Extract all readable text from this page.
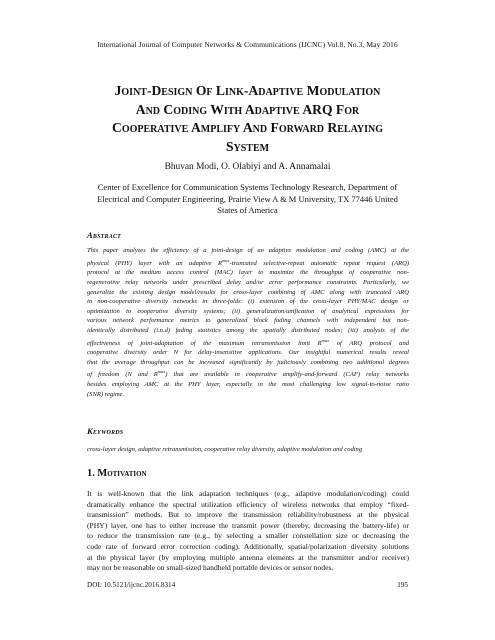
International Journal of Computer Networks & Communications (IJCNC) Vol.8, No.3, May 2016
Joint-Design Of Link-Adaptive Modulation
And Coding With Adaptive ARQ For
Cooperative Amplify And Forward Relaying
System
Bhuvan Modi, O. Olabiyi and A. Annamalai
Center of Excellence for Communication Systems Technology Research, Department of
Electrical and Computer Engineering, Prairie View A & M University, TX 77446 United
States of America
Abstract
This paper analyzes the efficiency of a joint-design of an adaptive modulation and coding (AMC) at the
physical (PHY) layer with an adaptive $R^{max}$-truncated selective-repeat automatic repeat request (ARQ)
protocol at the medium access control (MAC) layer to maximize the throughput of cooperative non-
regenerative relay networks under prescribed delay and/or error performance constraints. Particularly, we
generalize the existing design model/results for cross-layer combining of AMC along with truncated ARQ
in non-cooperative diversity networks in three-folds: (i) extension of the cross-layer PHY/MAC design or
optimization to cooperative diversity systems; (ii) generalization/unification of analytical expressions for
various network performance metrics to generalized block fading channels with independent but non-
identically distributed (i.n.d) fading statistics among the spatially distributed nodes; (iii) analysis of the
effectiveness of joint-adaptation of the maximum retransmission limit $R^{max}$ of ARQ protocol and
cooperative diversity order N for delay-insensitive applications. Our insightful numerical results reveal
that the average throughput can be increased significantly by judiciously combining two additional degrees
of freedom (N and $R^{max}$) that are available in cooperative amplify-and-forward (CAF) relay networks
besides employing AMC at the PHY layer, especially in the most challenging low signal-to-noise ratio
(SNR) regime.
Keywords
cross-layer design, adaptive retransmission, cooperative relay diversity, adaptive modulation and coding
1. Motivation
It is well-known that the link adaptation techniques (e.g., adaptive modulation/coding) could
dramatically enhance the spectral utilization efficiency of wireless networks that employ “fixed-
transmission” methods. But to improve the transmission reliability/robustness at the physical
(PHY) layer, one has to either increase the transmit power (thereby, decreasing the battery-life) or
to reduce the transmission rate (e.g., by selecting a smaller constellation size or decreasing the
code rate of forward error correction coding). Additionally, spatial/polarization diversity solutions
at the physical layer (by employing multiple antenna elements at the transmitter and/or receiver)
may not be reasonable on small-sized handheld portable devices or sensor nodes.
DOI: 10.5121/ijcnc.2016.8314	195
